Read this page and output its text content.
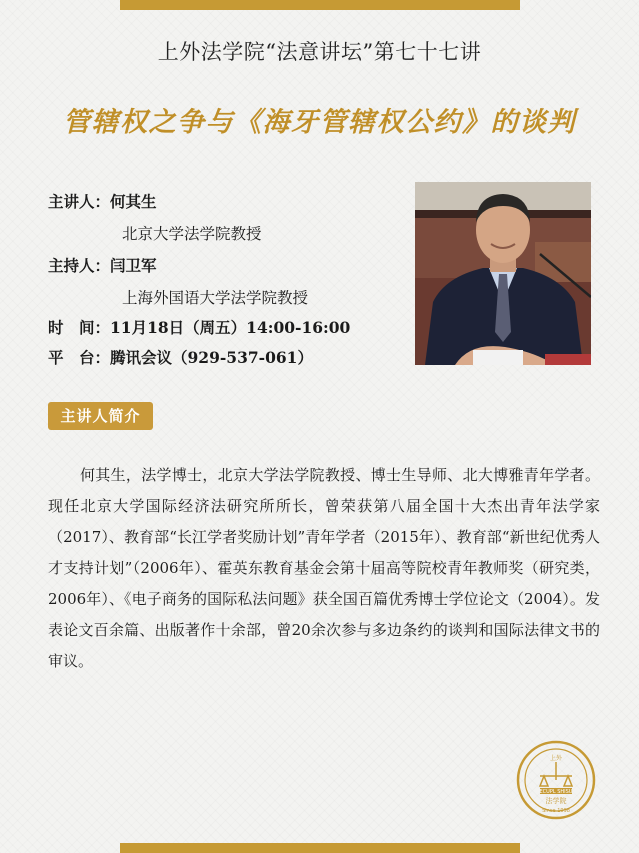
上外法学院“法意讲坛”第七十七讲
管辖权之争与《海牙管辖权公约》的谈判
主讲人：何其生
北京大学法学院教授
主持人：闫卫军
上海外国语大学法学院教授
时　间：11月18日（周五）14:00-16:00
平　台：腾讯会议（929-537-061）
主讲人简介
何其生，法学博士，北京大学法学院教授、博士生导师、北大博雅青年学者。现任北京大学国际经济法研究所所长，曾荣获第八届全国十大杰出青年法学家（2017）、教育部“长江学者奖励计划”青年学者（2015年）、教育部“新世纪优秀人才支持计划”（2006年）、霍英东教育基金会第十届高等院校青年教师奖（研究类，2006年）、《电子商务的国际私法问题》获全国百篇优秀博士学位论文（2004）。发表论文百余篇、出版著作十余部，曾20余次参与多边条约的谈判和国际法律文书的审议。
上外
ECUPL SHISU
法学院
Since 1998
